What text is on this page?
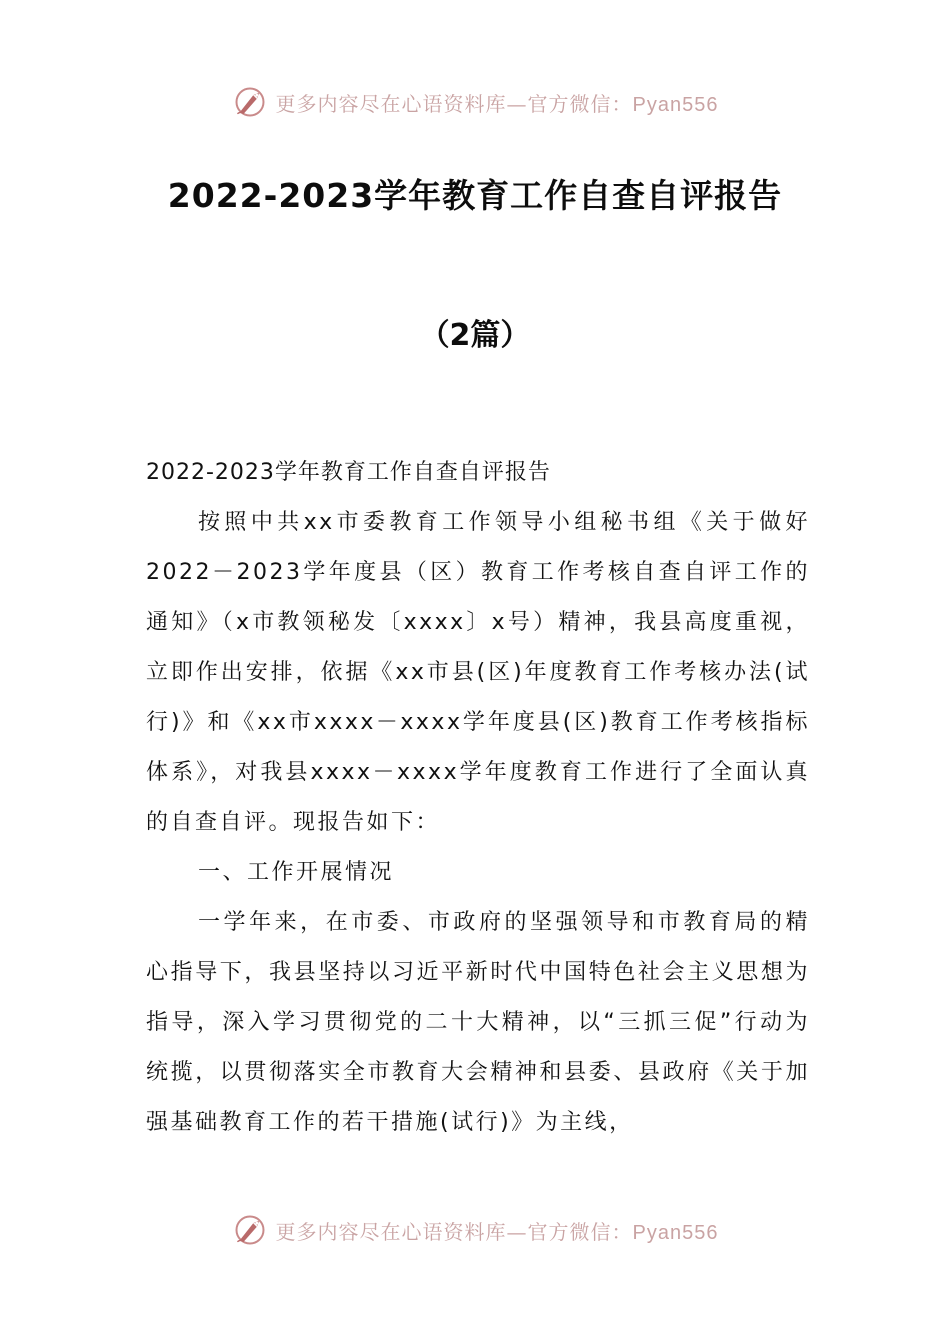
更多内容尽在心语资料库—官方微信：Pyan556
2022-2023学年教育工作自查自评报告
（2篇）

2022-2023学年教育工作自查自评报告

按照中共xx市委教育工作领导小组秘书组《关于做好2022－2023学年度县（区）教育工作考核自查自评工作的通知》（x市教领秘发〔xxxx〕x号）精神，我县高度重视，立即作出安排，依据《xx市县(区)年度教育工作考核办法(试行)》和《xx市xxxx－xxxx学年度县(区)教育工作考核指标体系》，对我县xxxx－xxxx学年度教育工作进行了全面认真的自查自评。现报告如下：

一、工作开展情况

一学年来，在市委、市政府的坚强领导和市教育局的精心指导下，我县坚持以习近平新时代中国特色社会主义思想为指导，深入学习贯彻党的二十大精神，以“三抓三促”行动为统揽，以贯彻落实全市教育大会精神和县委、县政府《关于加强基础教育工作的若干措施(试行)》为主线，

更多内容尽在心语资料库—官方微信：Pyan556
